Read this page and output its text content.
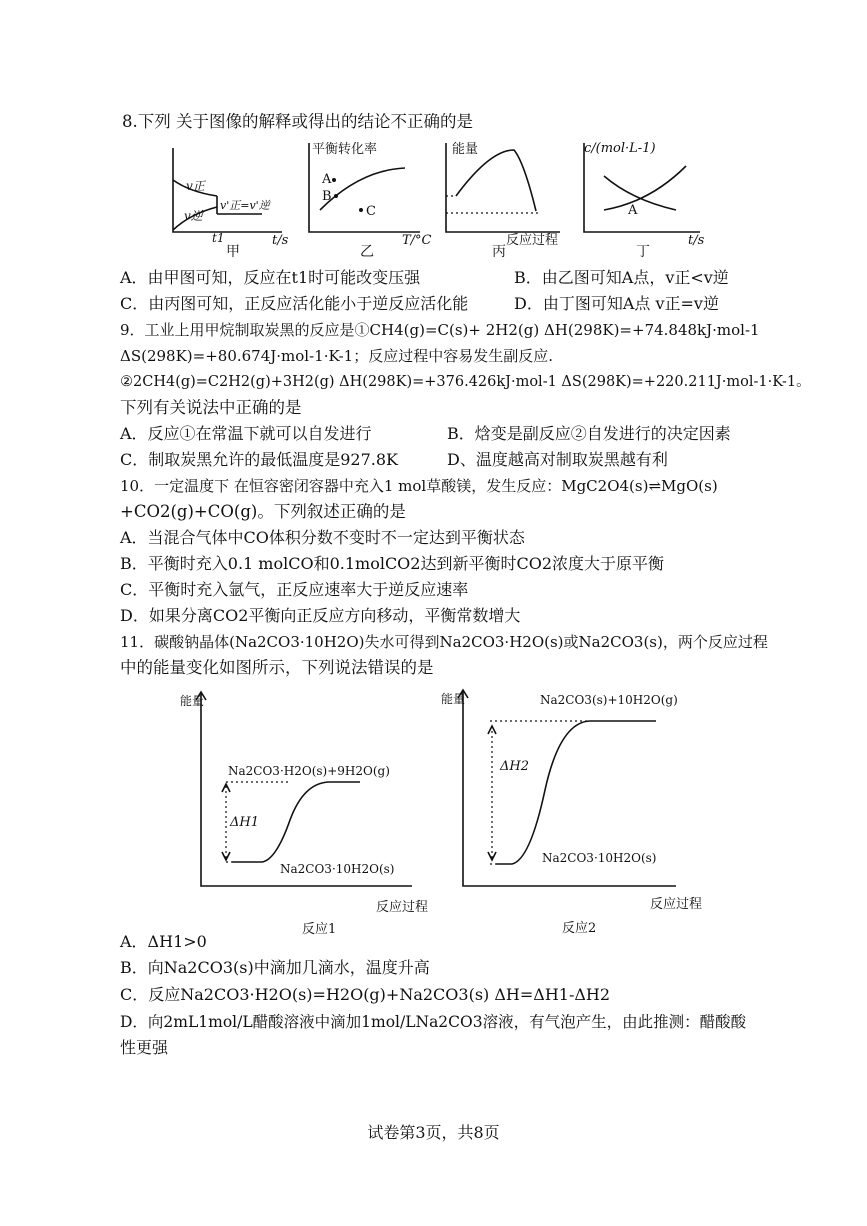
8.下列 关于图像的解释或得出的结论不正确的是
v正
v逆
v'正=v'逆
t1	t/s
甲
平衡转化率
A
B
C
T/°C
乙
能量
反应过程
丙
c/(mol·L-1)
A
t/s
丁
A．由甲图可知，反应在t1时可能改变压强	B．由乙图可知A点，v正<v逆
C．由丙图可知，正反应活化能小于逆反应活化能	D．由丁图可知A点 v正=v逆
9．工业上用甲烷制取炭黑的反应是①CH4(g)=C(s)+ 2H2(g) ΔH(298K)=+74.848kJ·mol-1
ΔS(298K)=+80.674J·mol-1·K-1；反应过程中容易发生副反应.
②2CH4(g)=C2H2(g)+3H2(g) ΔH(298K)=+376.426kJ·mol-1 ΔS(298K)=+220.211J·mol-1·K-1。
下列有关说法中正确的是
A．反应①在常温下就可以自发进行	B．焓变是副反应②自发进行的决定因素
C．制取炭黑允许的最低温度是927.8K	D、温度越高对制取炭黑越有利
10．一定温度下 在恒容密闭容器中充入1 mol草酸镁，发生反应：MgC2O4(s)⇌MgO(s)
+CO2(g)+CO(g)。下列叙述正确的是
A．当混合气体中CO体积分数不变时不一定达到平衡状态
B．平衡时充入0.1 molCO和0.1molCO2达到新平衡时CO2浓度大于原平衡
C．平衡时充入氩气，正反应速率大于逆反应速率
D．如果分离CO2平衡向正反应方向移动，平衡常数增大
11．碳酸钠晶体(Na2CO3·10H2O)失水可得到Na2CO3·H2O(s)或Na2CO3(s)，两个反应过程
中的能量变化如图所示，下列说法错误的是
能量
Na2CO3·H2O(s)+9H2O(g)
Na2CO3·10H2O(s)
ΔH1
反应过程
反应1
能量	Na2CO3(s)+10H2O(g)
Na2CO3·10H2O(s)
ΔH2
反应过程
反应2
A．ΔH1>0
B．向Na2CO3(s)中滴加几滴水，温度升高
C．反应Na2CO3·H2O(s)=H2O(g)+Na2CO3(s) ΔH=ΔH1-ΔH2
D．向2mL1mol/L醋酸溶液中滴加1mol/LNa2CO3溶液，有气泡产生，由此推测：醋酸酸
性更强
试卷第3页，共8页
